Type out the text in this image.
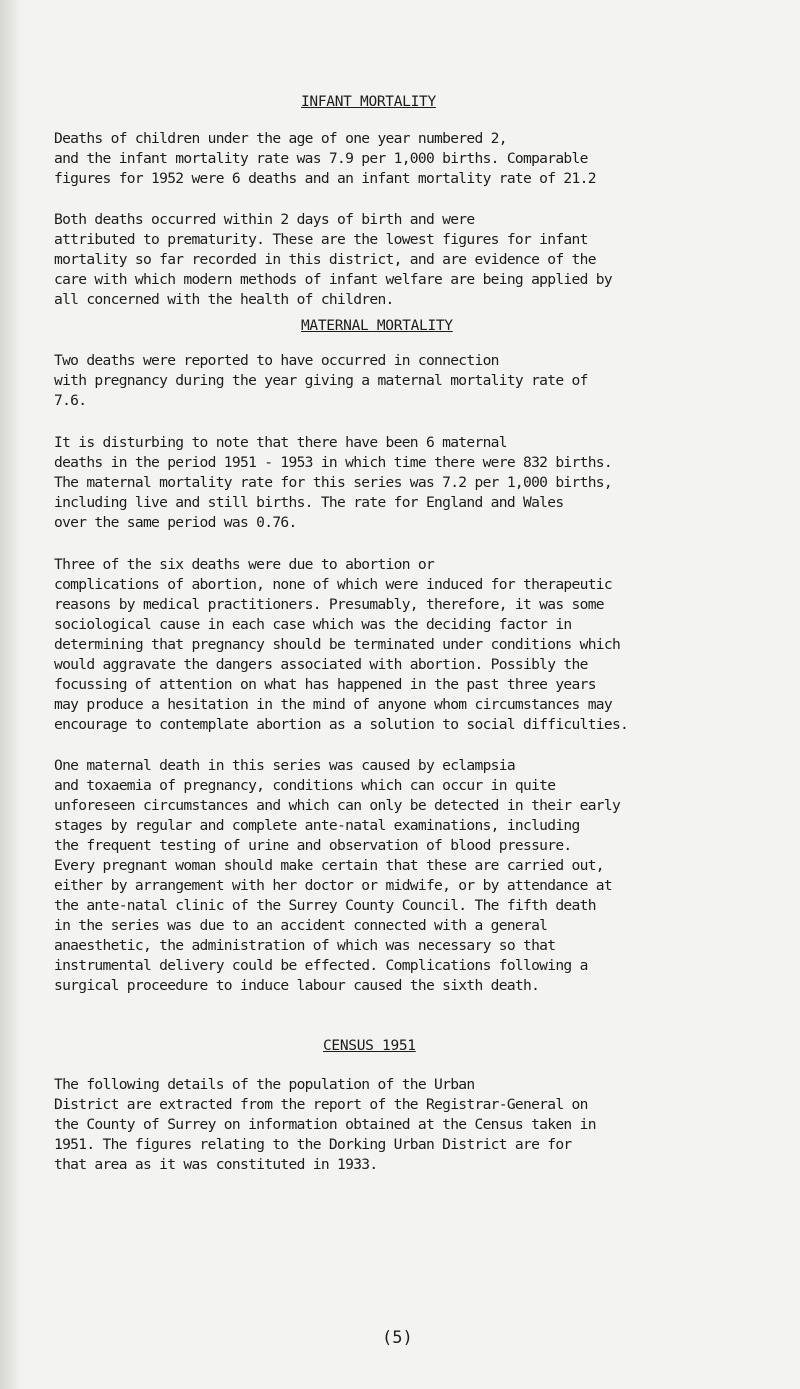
INFANT MORTALITY
Deaths of children under the age of one year numbered 2,
and the infant mortality rate was 7.9 per 1,000 births. Comparable
figures for 1952 were 6 deaths and an infant mortality rate of 21.2
Both deaths occurred within 2 days of birth and were
attributed to prematurity. These are the lowest figures for infant
mortality so far recorded in this district, and are evidence of the
care with which modern methods of infant welfare are being applied by
all concerned with the health of children.
MATERNAL MORTALITY
Two deaths were reported to have occurred in connection
with pregnancy during the year giving a maternal mortality rate of
7.6.
It is disturbing to note that there have been 6 maternal
deaths in the period 1951 - 1953 in which time there were 832 births.
The maternal mortality rate for this series was 7.2 per 1,000 births,
including live and still births. The rate for England and Wales
over the same period was 0.76.
Three of the six deaths were due to abortion or
complications of abortion, none of which were induced for therapeutic
reasons by medical practitioners. Presumably, therefore, it was some
sociological cause in each case which was the deciding factor in
determining that pregnancy should be terminated under conditions which
would aggravate the dangers associated with abortion. Possibly the
focussing of attention on what has happened in the past three years
may produce a hesitation in the mind of anyone whom circumstances may
encourage to contemplate abortion as a solution to social difficulties.
One maternal death in this series was caused by eclampsia
and toxaemia of pregnancy, conditions which can occur in quite
unforeseen circumstances and which can only be detected in their early
stages by regular and complete ante-natal examinations, including
the frequent testing of urine and observation of blood pressure.
Every pregnant woman should make certain that these are carried out,
either by arrangement with her doctor or midwife, or by attendance at
the ante-natal clinic of the Surrey County Council. The fifth death
in the series was due to an accident connected with a general
anaesthetic, the administration of which was necessary so that
instrumental delivery could be effected. Complications following a
surgical proceedure to induce labour caused the sixth death.
CENSUS 1951
The following details of the population of the Urban
District are extracted from the report of the Registrar-General on
the County of Surrey on information obtained at the Census taken in
1951. The figures relating to the Dorking Urban District are for
that area as it was constituted in 1933.
(5)
